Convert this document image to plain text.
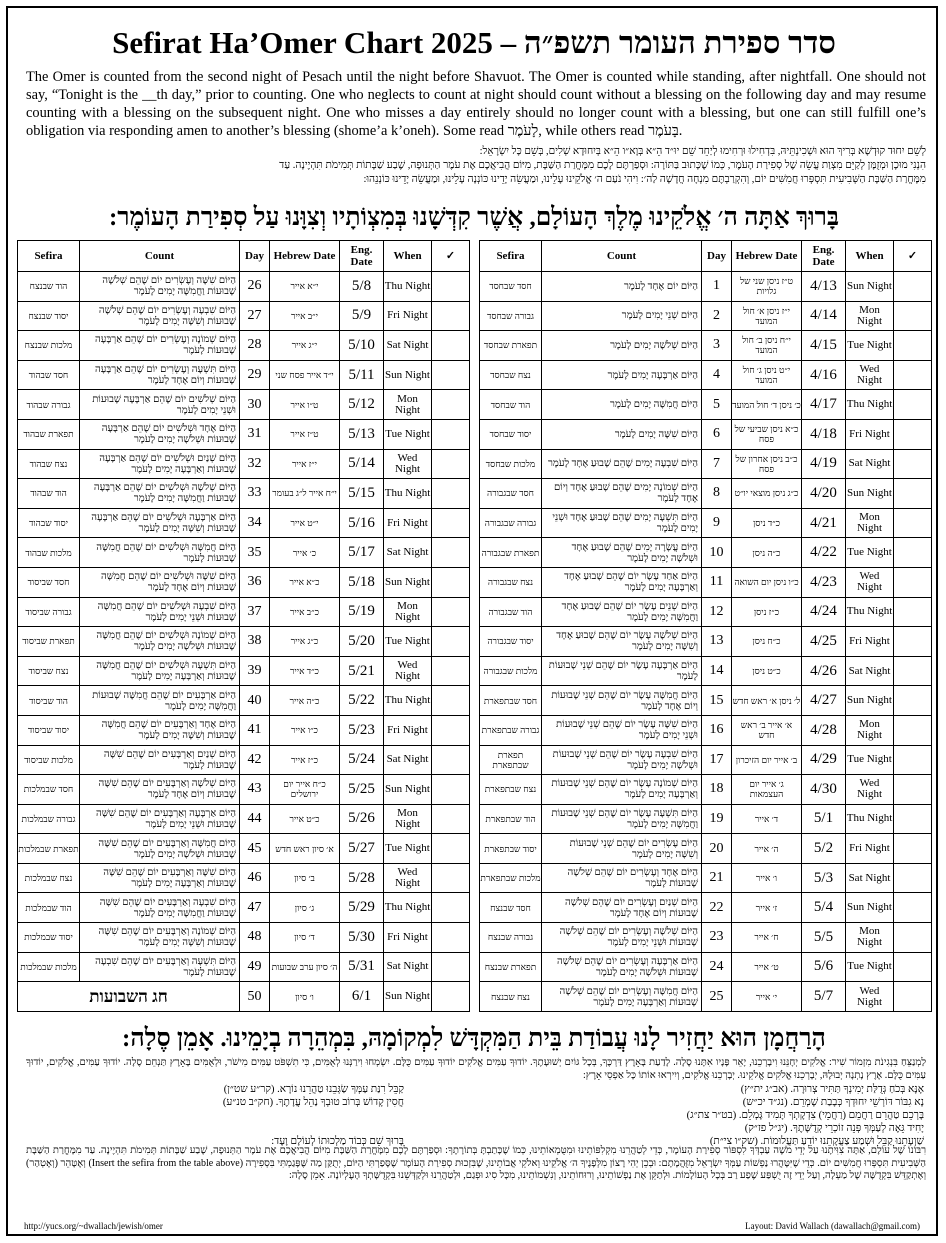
Sefirat Ha’Omer Chart 2025 – סדר ספירת העומר תשפ״ה
The Omer is counted from the second night of Pesach until the night before Shavuot. The Omer is counted while standing, after nightfall. One should not say, “Tonight is the __th day,” prior to counting. One who neglects to count at night should count without a blessing on the following day and may resume counting with a blessing on the subsequent night. One who misses a day entirely should no longer count with a blessing, but one can still fulfill one’s obligation via responding amen to another’s blessing (shome’a k’oneh). Some read לָעֹמֶר, while others read בָּעֹמֶר.
לְשֵׁם יִחוּד קוּדְשָׁא בְּרִיךְ הוּא וּשְׁכִינְתֵּיהּ, בִּדְחִילוּ וּרְחִימוּ לְיַחֵד שֵׁם יוּ״ד הֵ״א בְּוָא״ו הֵ״א בְּיִחוּדָא שְׁלִים, בְּשֵׁם כָּל יִשְׂרָאֵל:
הִנְנִי מוּכָן וּמְזֻמָּן לְקַיֵּם מִצְוַת עֲשֵׂה שֶׁל סְפִירַת הָעֹמֶר, כְּמוֹ שֶׁכָּתוּב בַּתּוֹרָה: וּסְפַרְתֶּם לָכֶם מִמָּחֳרַת הַשַּׁבָּת, מִיּוֹם הֲבִיאֲכֶם אֶת עֹמֶר הַתְּנוּפָה, שֶׁבַע שַׁבָּתוֹת תְּמִימֹת תִּהְיֶינָה. עַד
מִמָּחֳרַת הַשַּׁבָּת הַשְּׁבִיעִית תִּסְפְּרוּ חֲמִשִּׁים יוֹם, וְהִקְרַבְתֶּם מִנְחָה חֲדָשָׁה לַה׳: וִיהִי נֹעַם ה׳ אֱלֹקֵינוּ עָלֵינוּ, וּמַעֲשֵׂה יָדֵינוּ כּוֹנְנָה עָלֵינוּ, וּמַעֲשֵׂה יָדֵינוּ כּוֹנְנֵהוּ:
בָּרוּךְ אַתָּה ה׳ אֱלֹקֵינוּ מֶלֶךְ הָעוֹלָם, אֲשֶׁר קִדְּשָׁנוּ בְּמִצְוֹתָיו וְצִוָּנוּ עַל סְפִירַת הָעוֹמֶר:
Sefira	Count	Day	Hebrew Date	Eng. Date	When	✓
הוד שבנצח	הַיּוֹם שִׁשָּׁה וְעֶשְׂרִים יוֹם שֶׁהֵם שְׁלֹשָׁה שָׁבוּעוֹת וַחֲמִשָּׁה יָמִים לָעֹמֶר	26	י״א אייר	5/8	Thu Night	
יסוד שבנצח	הַיּוֹם שִׁבְעָה וְעֶשְׂרִים יוֹם שֶׁהֵם שְׁלֹשָׁה שָׁבוּעוֹת וְשִׁשָּׁה יָמִים לָעֹמֶר	27	י״ב אייר	5/9	Fri Night	
מלכות שבנצח	הַיּוֹם שְׁמוֹנָה וְעֶשְׂרִים יוֹם שֶׁהֵם אַרְבָּעָה שָׁבוּעוֹת לָעֹמֶר	28	י״ג אייר	5/10	Sat Night	
חסד שבהוד	הַיּוֹם תִּשְׁעָה וְעֶשְׂרִים יוֹם שֶׁהֵם אַרְבָּעָה שָׁבוּעוֹת וְיוֹם אֶחָד לָעֹמֶר	29	י״ד אייר פסח שני	5/11	Sun Night	
גבורה שבהוד	הַיּוֹם שְׁלֹשִׁים יוֹם שֶׁהֵם אַרְבָּעָה שָׁבוּעוֹת וּשְׁנֵי יָמִים לָעֹמֶר	30	ט״ו אייר	5/12	Mon Night	
תפארת שבהוד	הַיּוֹם אֶחָד וּשְׁלֹשִׁים יוֹם שֶׁהֵם אַרְבָּעָה שָׁבוּעוֹת וּשְׁלֹשָׁה יָמִים לָעֹמֶר	31	ט״ז אייר	5/13	Tue Night	
נצח שבהוד	הַיּוֹם שְׁנַיִם וּשְׁלֹשִׁים יוֹם שֶׁהֵם אַרְבָּעָה שָׁבוּעוֹת וְאַרְבָּעָה יָמִים לָעֹמֶר	32	י״ז אייר	5/14	Wed Night	
הוד שבהוד	הַיּוֹם שְׁלֹשָׁה וּשְׁלֹשִׁים יוֹם שֶׁהֵם אַרְבָּעָה שָׁבוּעוֹת וַחֲמִשָּׁה יָמִים לָעֹמֶר	33	י״ח אייר ל״ג בעומר	5/15	Thu Night	
יסוד שבהוד	הַיּוֹם אַרְבָּעָה וּשְׁלֹשִׁים יוֹם שֶׁהֵם אַרְבָּעָה שָׁבוּעוֹת וְשִׁשָּׁה יָמִים לָעֹמֶר	34	י״ט אייר	5/16	Fri Night	
מלכות שבהוד	הַיּוֹם חֲמִשָּׁה וּשְׁלֹשִׁים יוֹם שֶׁהֵם חֲמִשָּׁה שָׁבוּעוֹת לָעֹמֶר	35	כ׳ אייר	5/17	Sat Night	
חסד שביסוד	הַיּוֹם שִׁשָּׁה וּשְׁלֹשִׁים יוֹם שֶׁהֵם חֲמִשָּׁה שָׁבוּעוֹת וְיוֹם אֶחָד לָעֹמֶר	36	כ״א אייר	5/18	Sun Night	
גבורה שביסוד	הַיּוֹם שִׁבְעָה וּשְׁלֹשִׁים יוֹם שֶׁהֵם חֲמִשָּׁה שָׁבוּעוֹת וּשְׁנֵי יָמִים לָעֹמֶר	37	כ״ב אייר	5/19	Mon Night	
תפארת שביסוד	הַיּוֹם שְׁמוֹנָה וּשְׁלֹשִׁים יוֹם שֶׁהֵם חֲמִשָּׁה שָׁבוּעוֹת וּשְׁלֹשָׁה יָמִים לָעֹמֶר	38	כ״ג אייר	5/20	Tue Night	
נצח שביסוד	הַיּוֹם תִּשְׁעָה וּשְׁלֹשִׁים יוֹם שֶׁהֵם חֲמִשָּׁה שָׁבוּעוֹת וְאַרְבָּעָה יָמִים לָעֹמֶר	39	כ״ד אייר	5/21	Wed Night	
הוד שביסוד	הַיּוֹם אַרְבָּעִים יוֹם שֶׁהֵם חֲמִשָּׁה שָׁבוּעוֹת וַחֲמִשָּׁה יָמִים לָעֹמֶר	40	כ״ה אייר	5/22	Thu Night	
יסוד שביסוד	הַיּוֹם אֶחָד וְאַרְבָּעִים יוֹם שֶׁהֵם חֲמִשָּׁה שָׁבוּעוֹת וְשִׁשָּׁה יָמִים לָעֹמֶר	41	כ״ו אייר	5/23	Fri Night	
מלכות שביסוד	הַיּוֹם שְׁנַיִם וְאַרְבָּעִים יוֹם שֶׁהֵם שִׁשָּׁה שָׁבוּעוֹת לָעֹמֶר	42	כ״ז אייר	5/24	Sat Night	
חסד שבמלכות	הַיּוֹם שְׁלֹשָׁה וְאַרְבָּעִים יוֹם שֶׁהֵם שִׁשָּׁה שָׁבוּעוֹת וְיוֹם אֶחָד לָעֹמֶר	43	כ״ח אייר יום ירושלים	5/25	Sun Night	
גבורה שבמלכות	הַיּוֹם אַרְבָּעָה וְאַרְבָּעִים יוֹם שֶׁהֵם שִׁשָּׁה שָׁבוּעוֹת וּשְׁנֵי יָמִים לָעֹמֶר	44	כ״ט אייר	5/26	Mon Night	
תפארת שבמלכות	הַיּוֹם חֲמִשָּׁה וְאַרְבָּעִים יוֹם שֶׁהֵם שִׁשָּׁה שָׁבוּעוֹת וּשְׁלֹשָׁה יָמִים לָעֹמֶר	45	א׳ סיון ראש חדש	5/27	Tue Night	
נצח שבמלכות	הַיּוֹם שִׁשָּׁה וְאַרְבָּעִים יוֹם שֶׁהֵם שִׁשָּׁה שָׁבוּעוֹת וְאַרְבָּעָה יָמִים לָעֹמֶר	46	ב׳ סיון	5/28	Wed Night	
הוד שבמלכות	הַיּוֹם שִׁבְעָה וְאַרְבָּעִים יוֹם שֶׁהֵם שִׁשָּׁה שָׁבוּעוֹת וַחֲמִשָּׁה יָמִים לָעֹמֶר	47	ג׳ סיון	5/29	Thu Night	
יסוד שבמלכות	הַיּוֹם שְׁמוֹנָה וְאַרְבָּעִים יוֹם שֶׁהֵם שִׁשָּׁה שָׁבוּעוֹת וְשִׁשָּׁה יָמִים לָעֹמֶר	48	ד׳ סיון	5/30	Fri Night	
מלכות שבמלכות	הַיּוֹם תִּשְׁעָה וְאַרְבָּעִים יוֹם שֶׁהֵם שִׁבְעָה שָׁבוּעוֹת לָעֹמֶר	49	ה׳ סיון ערב שבועות	5/31	Sat Night	
חג השבועות		50	ו׳ סיון	6/1	Sun Night	
Sefira	Count	Day	Hebrew Date	Eng. Date	When	✓
חסד שבחסד	הַיּוֹם יוֹם אֶחָד לָעֹמֶר	1	ט״ז ניסן שני של גלויות	4/13	Sun Night	
גבורה שבחסד	הַיּוֹם שְׁנֵי יָמִים לָעֹמֶר	2	י״ז ניסן א׳ חול המועד	4/14	Mon Night	
תפארת שבחסד	הַיּוֹם שְׁלֹשָׁה יָמִים לָעֹמֶר	3	י״ח ניסן ב׳ חול המועד	4/15	Tue Night	
נצח שבחסד	הַיּוֹם אַרְבָּעָה יָמִים לָעֹמֶר	4	י״ט ניסן ג׳ חול המועד	4/16	Wed Night	
הוד שבחסד	הַיּוֹם חֲמִשָּׁה יָמִים לָעֹמֶר	5	כ׳ ניסן ד׳ חול המועד	4/17	Thu Night	
יסוד שבחסד	הַיּוֹם שִׁשָּׁה יָמִים לָעֹמֶר	6	כ״א ניסן שביעי של פסח	4/18	Fri Night	
מלכות שבחסד	הַיּוֹם שִׁבְעָה יָמִים שֶׁהֵם שָׁבוּעַ אֶחָד לָעֹמֶר	7	כ״ב ניסן אחרון של פסח	4/19	Sat Night	
חסד שבגבורה	הַיּוֹם שְׁמוֹנָה יָמִים שֶׁהֵם שָׁבוּעַ אֶחָד וְיוֹם אֶחָד לָעֹמֶר	8	כ״ג ניסן מוצאי יו״ט	4/20	Sun Night	
גבורה שבגבורה	הַיּוֹם תִּשְׁעָה יָמִים שֶׁהֵם שָׁבוּעַ אֶחָד וּשְׁנֵי יָמִים לָעֹמֶר	9	כ״ד ניסן	4/21	Mon Night	
תפארת שבגבורה	הַיּוֹם עֲשָׂרָה יָמִים שֶׁהֵם שָׁבוּעַ אֶחָד וּשְׁלֹשָׁה יָמִים לָעֹמֶר	10	כ״ה ניסן	4/22	Tue Night	
נצח שבגבורה	הַיּוֹם אַחַד עָשָׂר יוֹם שֶׁהֵם שָׁבוּעַ אֶחָד וְאַרְבָּעָה יָמִים לָעֹמֶר	11	כ״ו ניסן יום השואה	4/23	Wed Night	
הוד שבגבורה	הַיּוֹם שְׁנֵים עָשָׂר יוֹם שֶׁהֵם שָׁבוּעַ אֶחָד וַחֲמִשָּׁה יָמִים לָעֹמֶר	12	כ״ז ניסן	4/24	Thu Night	
יסוד שבגבורה	הַיּוֹם שְׁלֹשָׁה עָשָׂר יוֹם שֶׁהֵם שָׁבוּעַ אֶחָד וְשִׁשָּׁה יָמִים לָעֹמֶר	13	כ״ח ניסן	4/25	Fri Night	
מלכות שבגבורה	הַיּוֹם אַרְבָּעָה עָשָׂר יוֹם שֶׁהֵם שְׁנֵי שָׁבוּעוֹת לָעֹמֶר	14	כ״ט ניסן	4/26	Sat Night	
חסד שבתפארת	הַיּוֹם חֲמִשָּׁה עָשָׂר יוֹם שֶׁהֵם שְׁנֵי שָׁבוּעוֹת וְיוֹם אֶחָד לָעֹמֶר	15	ל׳ ניסן א׳ ראש חדש	4/27	Sun Night	
גבורה שבתפארת	הַיּוֹם שִׁשָּׁה עָשָׂר יוֹם שֶׁהֵם שְׁנֵי שָׁבוּעוֹת וּשְׁנֵי יָמִים לָעֹמֶר	16	א׳ אייר ב׳ ראש חדש	4/28	Mon Night	
תפארת שבתפארת	הַיּוֹם שִׁבְעָה עָשָׂר יוֹם שֶׁהֵם שְׁנֵי שָׁבוּעוֹת וּשְׁלֹשָׁה יָמִים לָעֹמֶר	17	ב׳ אייר יום הזיכרון	4/29	Tue Night	
נצח שבתפארת	הַיּוֹם שְׁמוֹנָה עָשָׂר יוֹם שֶׁהֵם שְׁנֵי שָׁבוּעוֹת וְאַרְבָּעָה יָמִים לָעֹמֶר	18	ג׳ אייר יום העצמאות	4/30	Wed Night	
הוד שבתפארת	הַיּוֹם תִּשְׁעָה עָשָׂר יוֹם שֶׁהֵם שְׁנֵי שָׁבוּעוֹת וַחֲמִשָּׁה יָמִים לָעֹמֶר	19	ד׳ אייר	5/1	Thu Night	
יסוד שבתפארת	הַיּוֹם עֶשְׂרִים יוֹם שֶׁהֵם שְׁנֵי שָׁבוּעוֹת וְשִׁשָּׁה יָמִים לָעֹמֶר	20	ה׳ אייר	5/2	Fri Night	
מלכות שבתפארת	הַיּוֹם אֶחָד וְעֶשְׂרִים יוֹם שֶׁהֵם שְׁלֹשָׁה שָׁבוּעוֹת לָעֹמֶר	21	ו׳ אייר	5/3	Sat Night	
חסד שבנצח	הַיּוֹם שְׁנַיִם וְעֶשְׂרִים יוֹם שֶׁהֵם שְׁלֹשָׁה שָׁבוּעוֹת וְיוֹם אֶחָד לָעֹמֶר	22	ז׳ אייר	5/4	Sun Night	
גבורה שבנצח	הַיּוֹם שְׁלֹשָׁה וְעֶשְׂרִים יוֹם שֶׁהֵם שְׁלֹשָׁה שָׁבוּעוֹת וּשְׁנֵי יָמִים לָעֹמֶר	23	ח׳ אייר	5/5	Mon Night	
תפארת שבנצח	הַיּוֹם אַרְבָּעָה וְעֶשְׂרִים יוֹם שֶׁהֵם שְׁלֹשָׁה שָׁבוּעוֹת וּשְׁלֹשָׁה יָמִים לָעֹמֶר	24	ט׳ אייר	5/6	Tue Night	
נצח שבנצח	הַיּוֹם חֲמִשָּׁה וְעֶשְׂרִים יוֹם שֶׁהֵם שְׁלֹשָׁה שָׁבוּעוֹת וְאַרְבָּעָה יָמִים לָעֹמֶר	25	י׳ אייר	5/7	Wed Night	
הָרַחֲמָן הוּא יַחֲזִיר לָנוּ עֲבוֹדַת בֵּית הַמִּקְדָּשׁ לִמְקוֹמָהּ, בִּמְהֵרָה בְיָמֵינוּ. אָמֵן סֶלָה:
לַמְנַצֵּחַ בִּנְגִינֹת מִזְמוֹר שִׁיר: אֱלֹקִים יְחָנֵּנוּ וִיבָרְכֵנוּ, יָאֵר פָּנָיו אִתָּנוּ סֶלָה. לָדַעַת בָּאָרֶץ דַּרְכֶּךָ, בְּכָל גּוֹיִם יְשׁוּעָתֶךָ. יוֹדוּךָ עַמִּים אֱלֹקִים יוֹדוּךָ עַמִּים כֻּלָּם. יִשְׂמְחוּ וִירַנְּנוּ לְאֻמִּים, כִּי תִשְׁפֹּט עַמִּים מִישֹׁר, וּלְאֻמִּים בָּאָרֶץ תַּנְחֵם סֶלָה. יוֹדוּךָ עַמִּים, אֱלֹקִים, יוֹדוּךָ עַמִּים כֻּלָּם. אֶרֶץ נָתְנָה יְבוּלָהּ, יְבָרְכֵנוּ אֱלֹקִים אֱלֹקֵינוּ. יְבָרְכֵנוּ אֱלֹקִים, וְיִירְאוּ אוֹתוֹ כָּל אַפְסֵי אָרֶץ:
אָנָּא בְּכֹחַ גְּדֻלַּת יְמִינְךָ תַּתִּיר צְרוּרָה. (אב״ג ית״ץ)
נָא גִבּוֹר דּוֹרְשֵׁי יִחוּדְךָ כְּבָבַת שָׁמְרֵם. (נג״ד יכ״ש)
בָּרְכֵם טַהֲרֵם רַחֲמֵם (רַחֲמֵי) צִדְקָתְךָ תָּמִיד גָּמְלֵם. (בט״ר צת״ג)
יָחִיד גֵּאֶה לְעַמְּךָ פְּנֵה זוֹכְרֵי קְדֻשָּׁתֶךָ. (יג״ל פז״ק)
שַׁוְעָתֵנוּ קַבֵּל וּשְׁמַע צַעֲקָתֵנוּ יוֹדֵעַ תַּעֲלוּמוֹת. (שק״ו צי״ת)
קַבֵּל רִנַּת עַמְּךָ שַׂגְּבֵנוּ טַהֲרֵנוּ נוֹרָא. (קר״ע שט״ן)
חֲסִין קָדוֹשׁ בְּרוֹב טוּבְךָ נַהֵל עֲדָתֶךָ. (חק״ב טנ״ע)
בָּרוּךְ שֵׁם כְּבוֹד מַלְכוּתוֹ לְעוֹלָם וָעֶד:
רִבּוֹנוֹ שֶׁל עוֹלָם, אַתָּה צִוִּיתָנוּ עַל יְדֵי מֹשֶׁה עַבְדְּךָ לִסְפּוֹר סְפִירַת הָעוֹמֶר, כְּדֵי לְטַהֲרֵנוּ מִקְלִפּוֹתֵינוּ וּמִטֻּמְאוֹתֵינוּ, כְּמוֹ שֶׁכָּתַבְתָּ בְּתוֹרָתֶךָ: וּסְפַרְתֶּם לָכֶם מִמָּחֳרַת הַשַּׁבָּת מִיּוֹם הֲבִיאֲכֶם אֶת עֹמֶר הַתְּנוּפָה, שֶׁבַע שַׁבָּתוֹת תְּמִימֹת תִּהְיֶינָה. עַד מִמָּחֳרַת הַשַּׁבָּת הַשְּׁבִיעִית תִּסְפְּרוּ חֲמִשִּׁים יוֹם. כְּדֵי שֶׁיִּטָּהֲרוּ נַפְשׁוֹת עַמְּךָ יִשְׂרָאֵל מִזֻּהֲמָתָם: וּבְכֵן יְהִי רָצוֹן מִלְּפָנֶיךָ ה׳ אֱלֹקֵינוּ וֵאלֹקֵי אֲבוֹתֵינוּ, שֶׁבִּזְכוּת סְפִירַת הָעוֹמֶר שֶׁסָּפַרְתִּי הַיּוֹם, יְתֻקַּן מַה שֶּׁפָּגַמְתִּי בִּסְפִירָה (Insert the sefira from the table above) וְאֶטָּהֵר (וְאֶטְהַר) וְאֶתְקַדֵּשׁ בִּקְדֻשָּׁה שֶׁל מַעְלָה, וְעַל יְדֵי זֶה יֻשְׁפַּע שֶׁפַע רַב בְּכָל הָעוֹלָמוֹת. וּלְתַקֵּן אֶת נַפְשׁוֹתֵינוּ, וְרוּחוֹתֵינוּ, וְנִשְׁמוֹתֵינוּ, מִכָּל סִיג וּפְגַם, וּלְטַהֲרֵנוּ וּלְקַדְּשֵׁנוּ בִּקְדֻשָּׁתְךָ הָעֶלְיוֹנָה. אָמֵן סֶלָה:
http://yucs.org/~dwallach/jewish/omer	Layout: David Wallach (dawallach@gmail.com)
